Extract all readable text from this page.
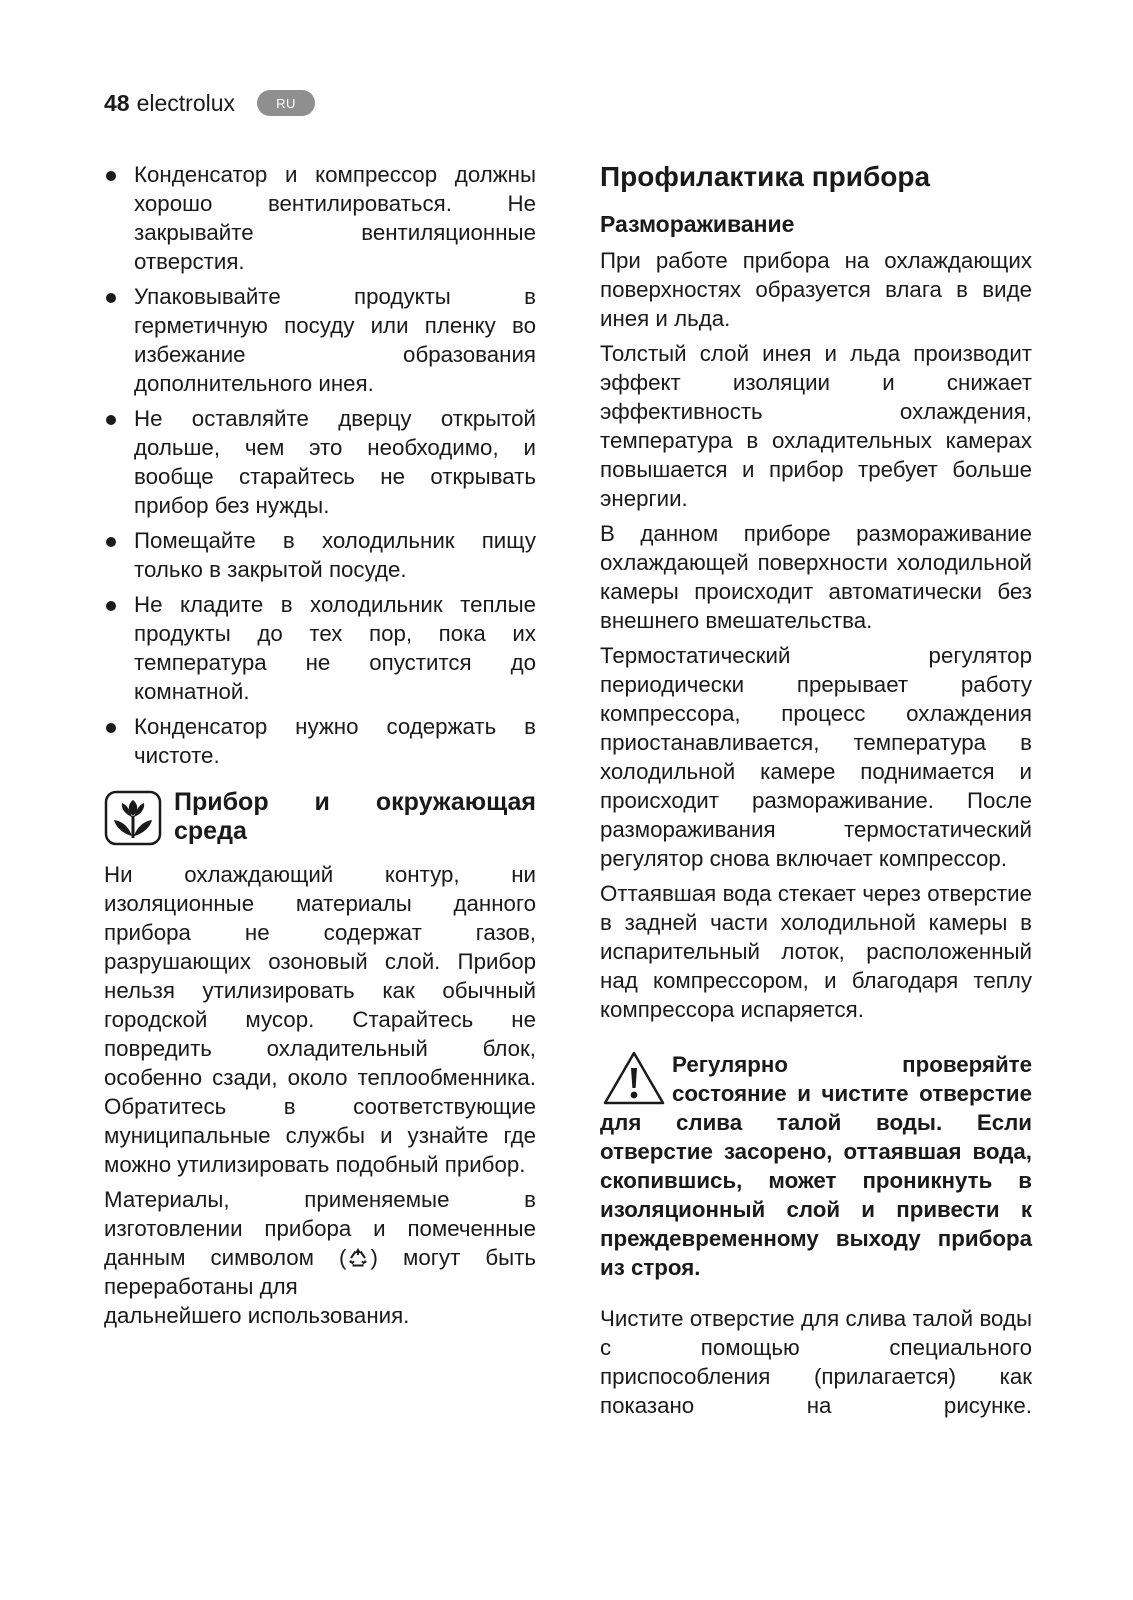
48 electrolux	RU
Конденсатор и компрессор должны хорошо вентилироваться. Не закрывайте вентиляционные отверстия.
Упаковывайте продукты в герметичную посуду или пленку во избежание образования дополнительного инея.
Не оставляйте дверцу открытой дольше, чем это необходимо, и вообще старайтесь не открывать прибор без нужды.
Помещайте в холодильник пищу только в закрытой посуде.
Не кладите в холодильник теплые продукты до тех пор, пока их температура не опустится до комнатной.
Конденсатор нужно содержать в чистоте.
Прибор и окружающая среда

Ни охлаждающий контур, ни изоляционные материалы данного прибора не содержат газов, разрушающих озоновый слой. Прибор нельзя утилизировать как обычный городской мусор. Старайтесь не повредить охладительный блок, особенно сзади, около теплообменника. Обратитесь в соответствующие муниципальные службы и узнайте где можно утилизировать подобный прибор.

Материалы, применяемые в изготовлении прибора и помеченные данным символом ( ) могут быть переработаны для
дальнейшего использования.

Профилактика прибора
Размораживание

При работе прибора на охлаждающих поверхностях образуется влага в виде инея и льда.

Толстый слой инея и льда производит эффект изоляции и снижает эффективность охлаждения, температура в охладительных камерах повышается и прибор требует больше энергии.

В данном приборе размораживание охлаждающей поверхности холодильной камеры происходит автоматически без внешнего вмешательства.

Термостатический регулятор периодически прерывает работу компрессора, процесс охлаждения приостанавливается, температура в холодильной камере поднимается и происходит размораживание. После размораживания термостатический регулятор снова включает компрессор.

Оттаявшая вода стекает через отверстие в задней части холодильной камеры в испарительный лоток, расположенный над компрессором, и благодаря теплу компрессора испаряется.

Регулярно проверяйте состояние и чистите отверстие для слива талой воды. Если отверстие засорено, оттаявшая вода, скопившись, может проникнуть в изоляционный слой и привести к преждевременному выходу прибора из строя.

Чистите отверстие для слива талой воды с помощью специального приспособления (прилагается) как показано на рисунке.
